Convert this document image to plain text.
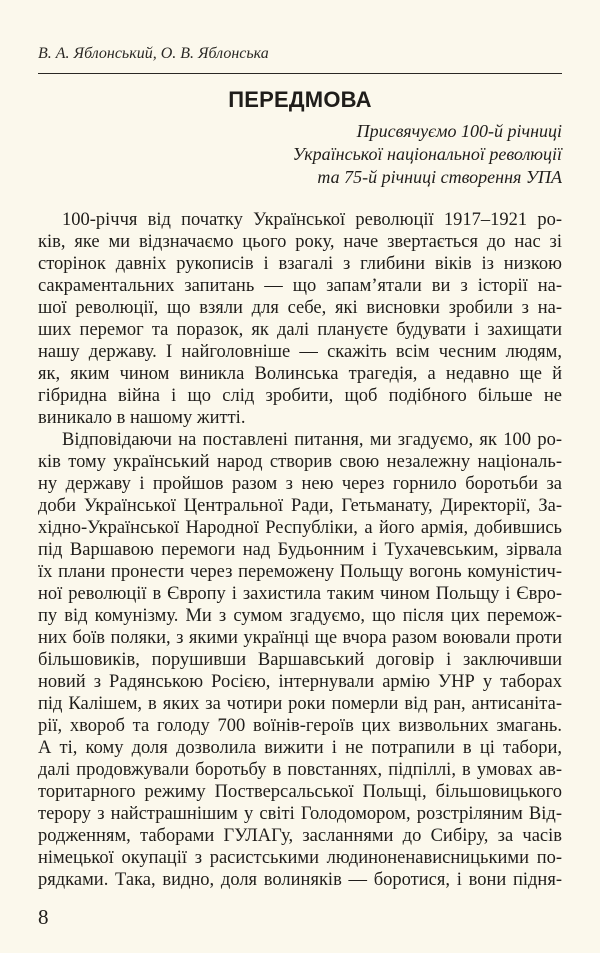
В. А. Яблонський, О. В. Яблонська
ПЕРЕДМОВА
Присвячуємо 100-й річниці
Української національної революції
та 75-й річниці створення УПА
100-річчя від початку Української революції 1917–1921 ро-
ків, яке ми відзначаємо цього року, наче звертається до нас зі
сторінок давніх рукописів і взагалі з глибини віків із низкою
сакраментальних запитань — що запам’ятали ви з історії на-
шої революції, що взяли для себе, які висновки зробили з на-
ших перемог та поразок, як далі плануєте будувати і захищати
нашу державу. І найголовніше — скажіть всім чесним людям,
як, яким чином виникла Волинська трагедія, а недавно ще й
гібридна війна і що слід зробити, щоб подібного більше не
виникало в нашому житті.
Відповідаючи на поставлені питання, ми згадуємо, як 100 ро-
ків тому український народ створив свою незалежну національ-
ну державу і пройшов разом з нею через горнило боротьби за
доби Української Центральної Ради, Гетьманату, Директорії, За-
хідно-Української Народної Республіки, а його армія, добившись
під Варшавою перемоги над Будьонним і Тухачевським, зірвала
їх плани пронести через переможену Польщу вогонь комуністич-
ної революції в Європу і захистила таким чином Польщу і Євро-
пу від комунізму. Ми з сумом згадуємо, що після цих перемож-
них боїв поляки, з якими українці ще вчора разом воювали проти
більшовиків, порушивши Варшавський договір і заключивши
новий з Радянською Росією, інтернували армію УНР у таборах
під Калішем, в яких за чотири роки померли від ран, антисаніта-
рії, хвороб та голоду 700 воїнів-героїв цих визвольних змагань.
А ті, кому доля дозволила вижити і не потрапили в ці табори,
далі продовжували боротьбу в повстаннях, підпіллі, в умовах ав-
торитарного режиму Постверсальської Польщі, більшовицького
терору з найстрашнішим у світі Голодомором, розстріляним Від-
родженням, таборами ГУЛАГу, засланнями до Сибіру, за часів
німецької окупації з расистськими людиноненависницькими по-
рядками. Така, видно, доля волиняків — боротися, і вони підня-
8
